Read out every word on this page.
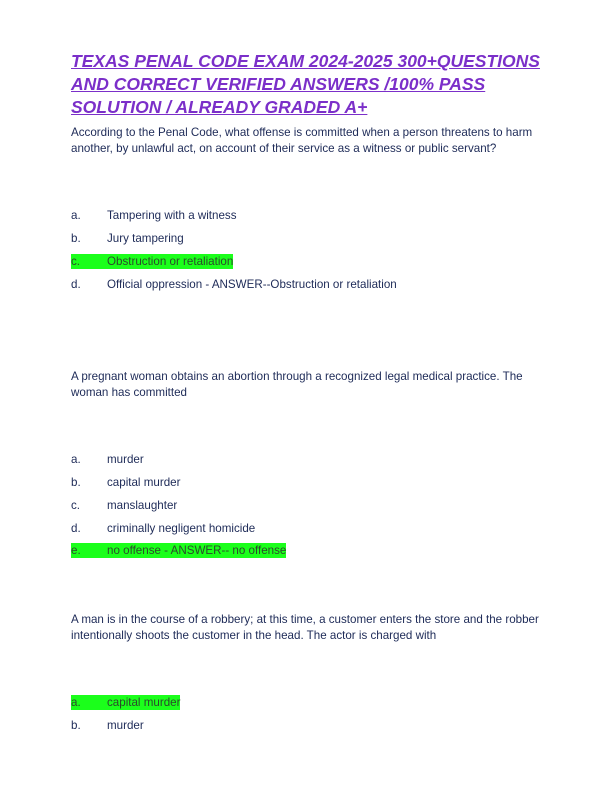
TEXAS PENAL CODE EXAM 2024-2025 300+QUESTIONS AND CORRECT VERIFIED ANSWERS /100% PASS SOLUTION / ALREADY GRADED A+

According to the Penal Code, what offense is committed when a person threatens to harm another, by unlawful act, on account of their service as a witness or public servant?

a. Tampering with a witness
b. Jury tampering
c. Obstruction or retaliation
d. Official oppression - ANSWER--Obstruction or retaliation

A pregnant woman obtains an abortion through a recognized legal medical practice. The woman has committed

a. murder
b. capital murder
c. manslaughter
d. criminally negligent homicide
e. no offense - ANSWER-- no offense

A man is in the course of a robbery; at this time, a customer enters the store and the robber intentionally shoots the customer in the head. The actor is charged with

a. capital murder
b. murder
